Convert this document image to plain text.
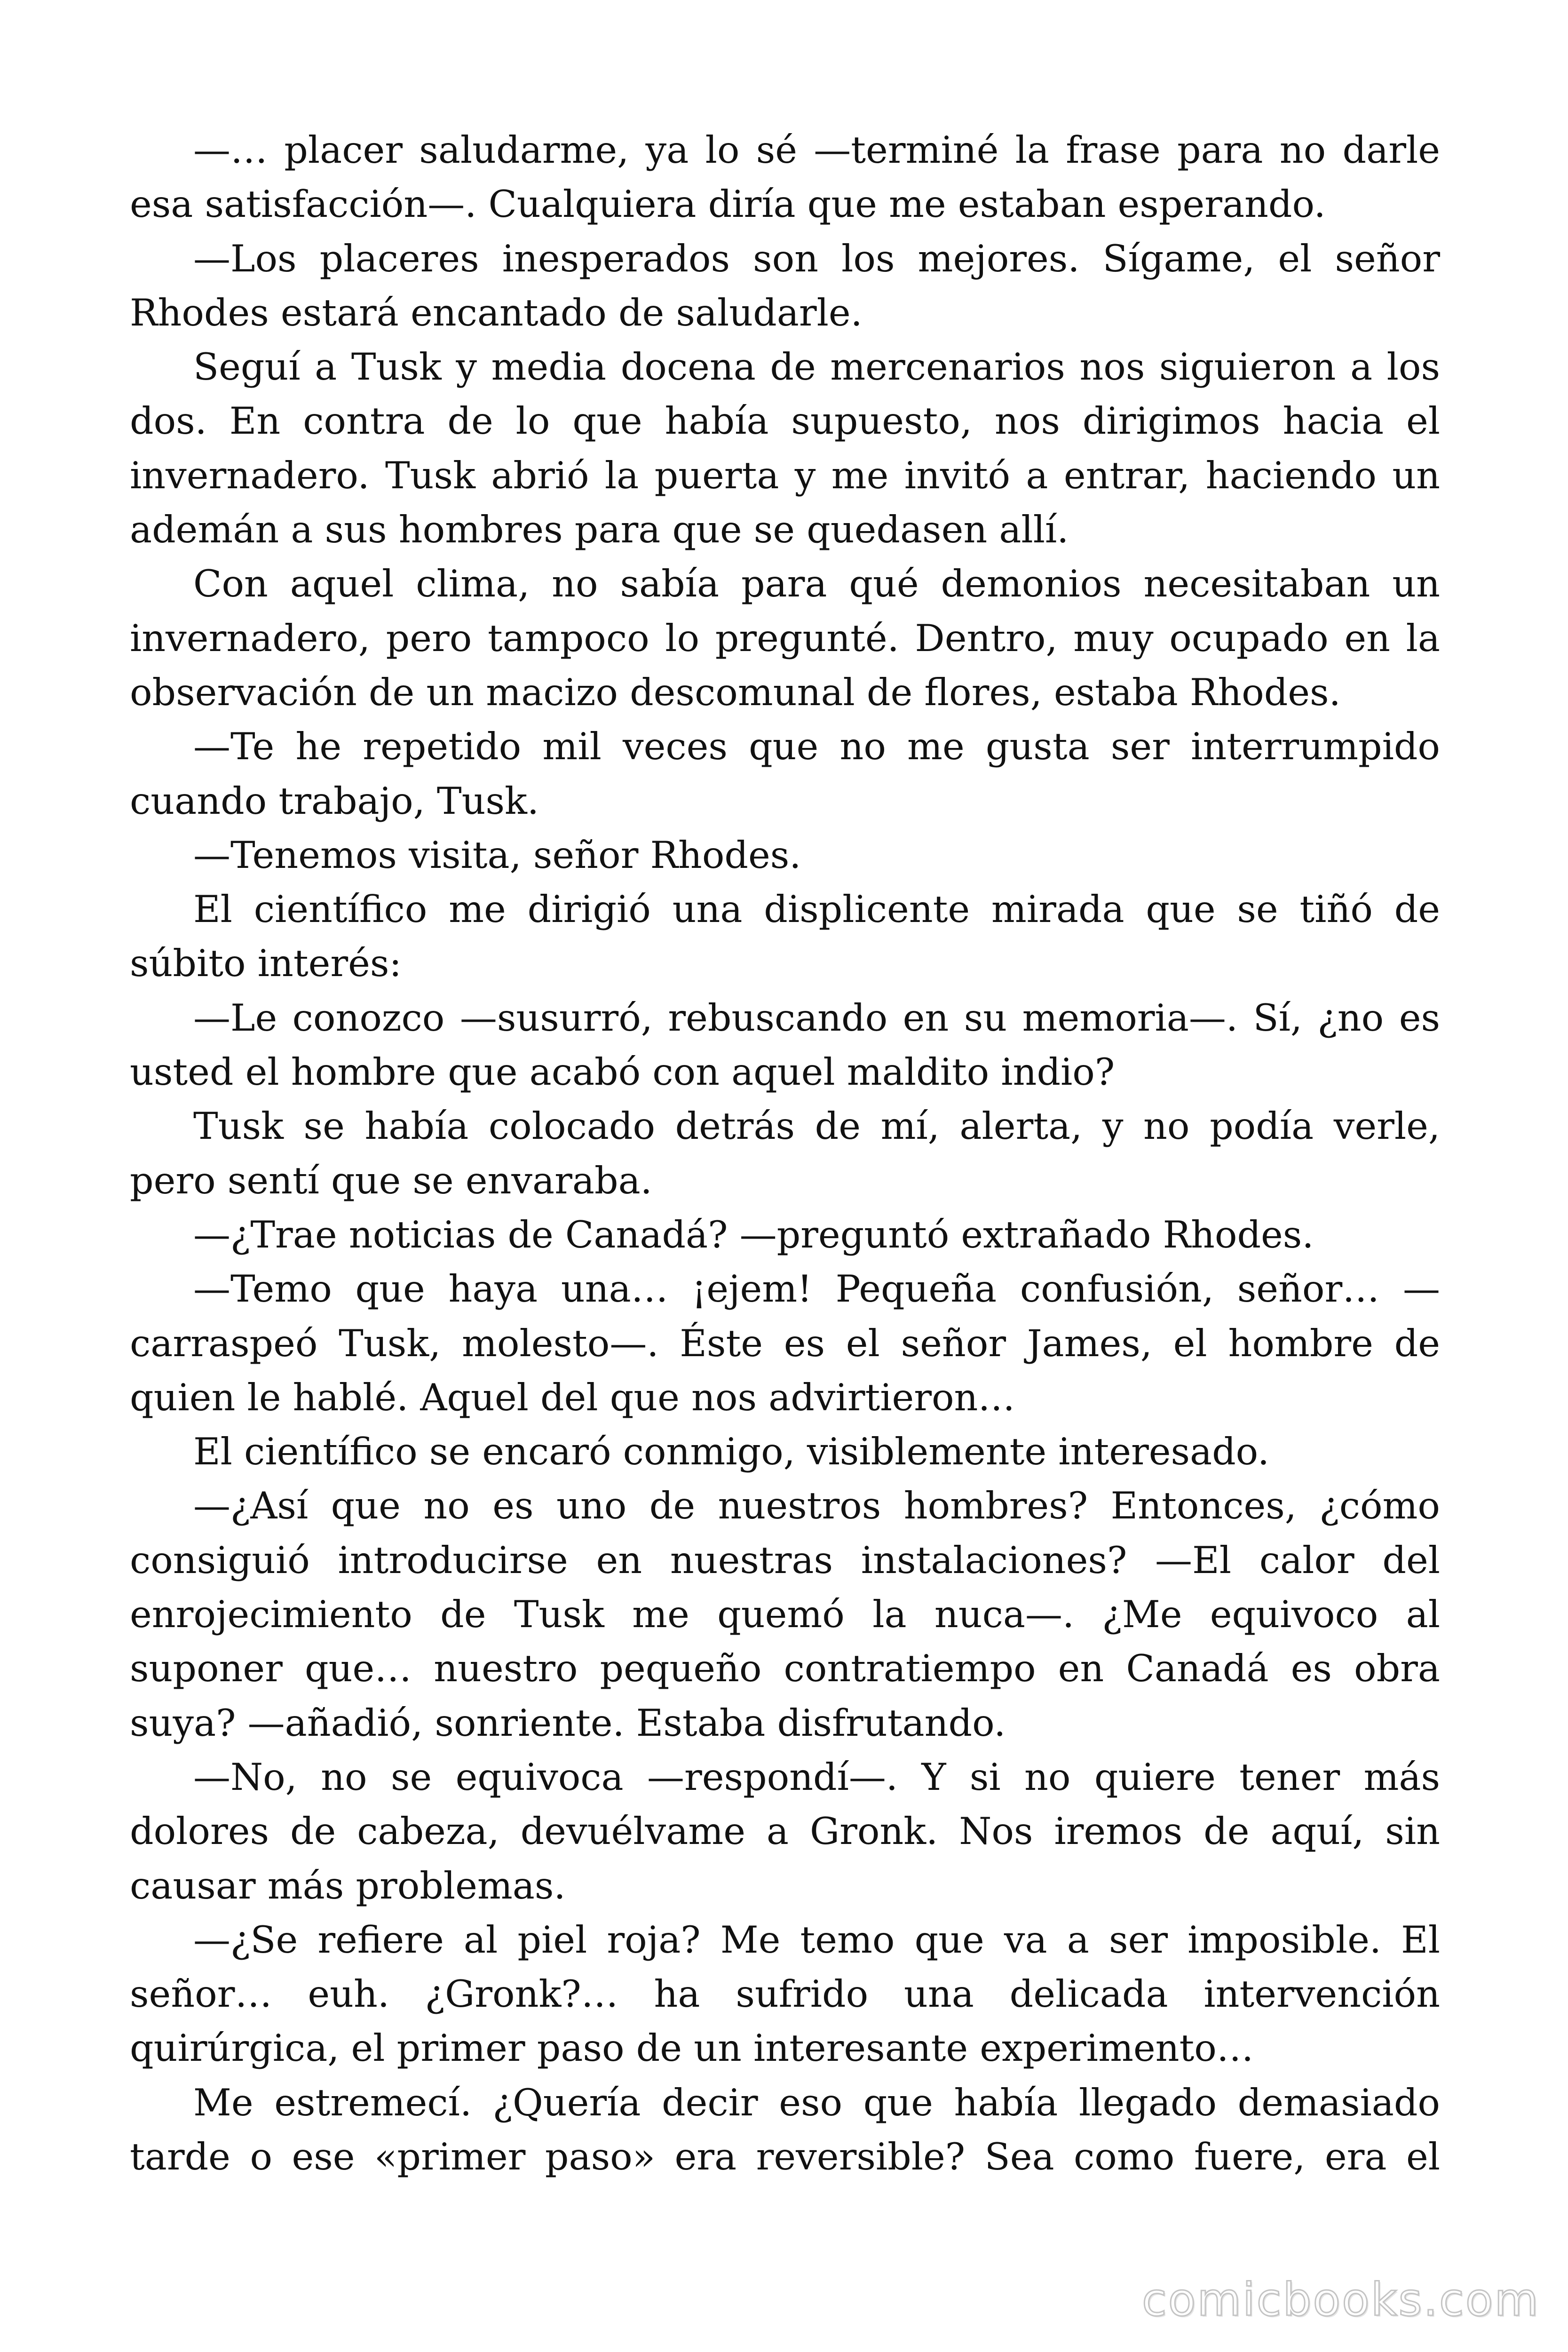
—… placer saludarme, ya lo sé —terminé la frase para no darle esa satisfacción—. Cualquiera diría que me estaban esperando.

—Los placeres inesperados son los mejores. Sígame, el señor Rhodes estará encantado de saludarle.

Seguí a Tusk y media docena de mercenarios nos siguieron a los dos. En contra de lo que había supuesto, nos dirigimos hacia el invernadero. Tusk abrió la puerta y me invitó a entrar, haciendo un ademán a sus hombres para que se quedasen allí.

Con aquel clima, no sabía para qué demonios necesitaban un invernadero, pero tampoco lo pregunté. Dentro, muy ocupado en la observación de un macizo descomunal de flores, estaba Rhodes.

—Te he repetido mil veces que no me gusta ser interrumpido cuando trabajo, Tusk.

—Tenemos visita, señor Rhodes.

El científico me dirigió una displicente mirada que se tiñó de súbito interés:

—Le conozco —susurró, rebuscando en su memoria—. Sí, ¿no es usted el hombre que acabó con aquel maldito indio?

Tusk se había colocado detrás de mí, alerta, y no podía verle, pero sentí que se envaraba.

—¿Trae noticias de Canadá? —preguntó extrañado Rhodes.

—Temo que haya una… ¡ejem! Pequeña confusión, señor… —carraspeó Tusk, molesto—. Éste es el señor James, el hombre de quien le hablé. Aquel del que nos advirtieron…

El científico se encaró conmigo, visiblemente interesado.

—¿Así que no es uno de nuestros hombres? Entonces, ¿cómo consiguió introducirse en nuestras instalaciones? —El calor del enrojecimiento de Tusk me quemó la nuca—. ¿Me equivoco al suponer que… nuestro pequeño contratiempo en Canadá es obra suya? —añadió, sonriente. Estaba disfrutando.

—No, no se equivoca —respondí—. Y si no quiere tener más dolores de cabeza, devuélvame a Gronk. Nos iremos de aquí, sin causar más problemas.

—¿Se refiere al piel roja? Me temo que va a ser imposible. El señor… euh. ¿Gronk?… ha sufrido una delicada intervención quirúrgica, el primer paso de un interesante experimento…

Me estremecí. ¿Quería decir eso que había llegado demasiado tarde o ese «primer paso» era reversible? Sea como fuere, era el

comicbooks.com
